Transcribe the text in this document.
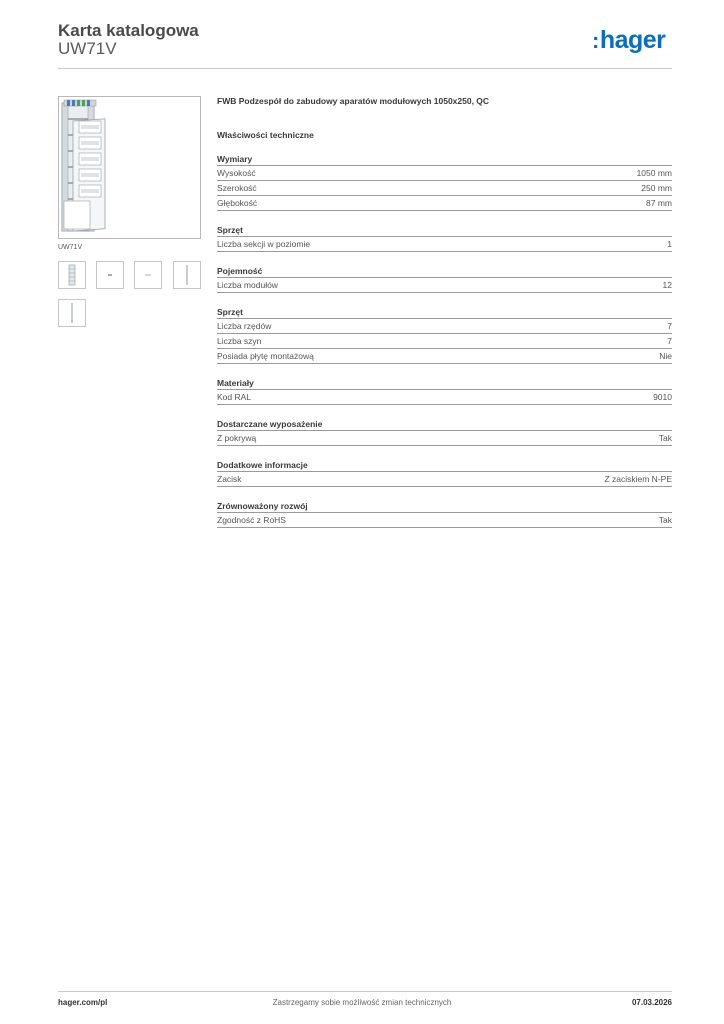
Karta katalogowa
UW71V	:hager
UW71V
FWB Podzespół do zabudowy aparatów modułowych 1050x250, QC
Właściwości techniczne
Wymiary
Wysokość	1050 mm
Szerokość	250 mm
Głębokość	87 mm
Sprzęt
Liczba sekcji w poziomie	1
Pojemność
Liczba modułów	12
Sprzęt
Liczba rzędów	7
Liczba szyn	7
Posiada płytę montażową	Nie
Materiały
Kod RAL	9010
Dostarczane wyposażenie
Z pokrywą	Tak
Dodatkowe informacje
Zacisk	Z zaciskiem N-PE
Zrównoważony rozwój
Zgodność z RoHS	Tak
hager.com/pl	Zastrzegamy sobie możliwość zmian technicznych	07.03.2026
